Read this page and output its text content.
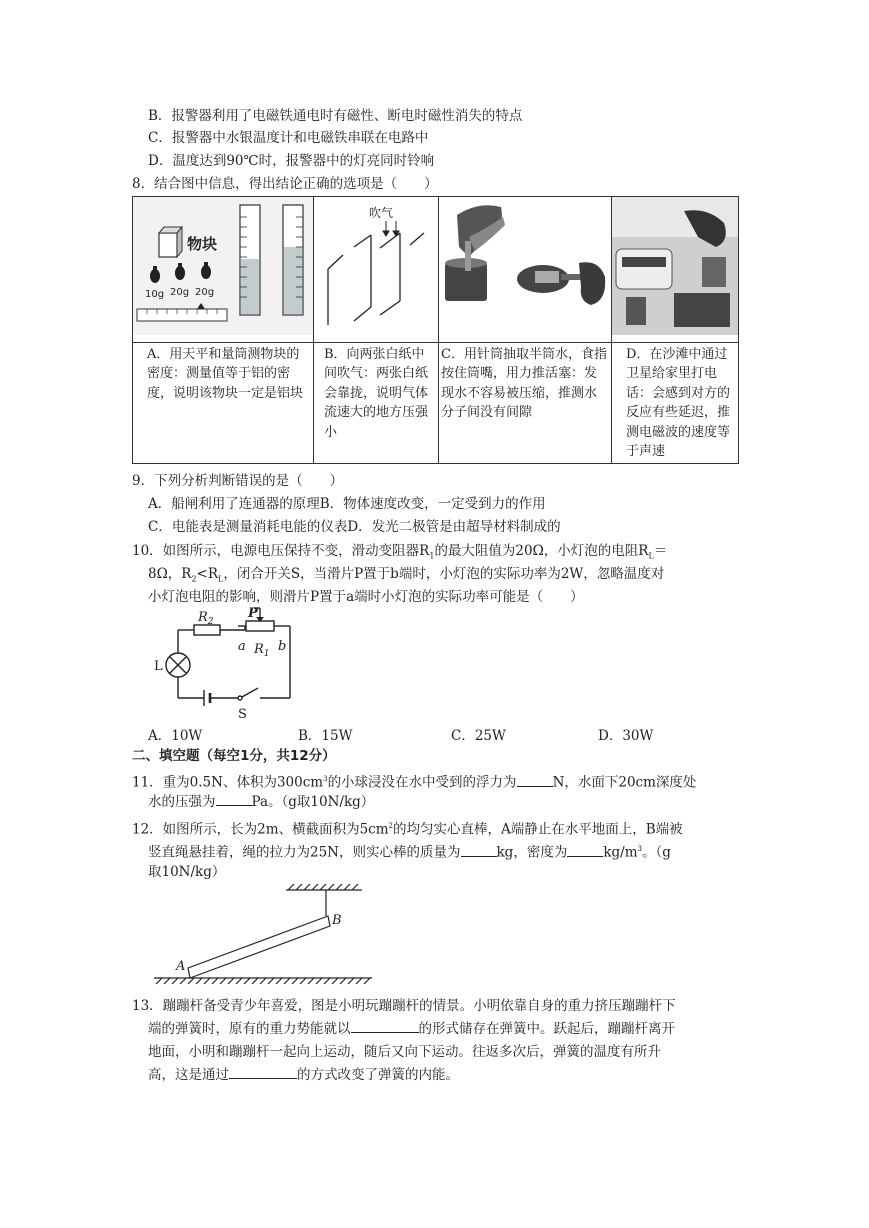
B．报警器利用了电磁铁通电时有磁性、断电时磁性消失的特点
C．报警器中水银温度计和电磁铁串联在电路中
D．温度达到90℃时，报警器中的灯亮同时铃响
8．结合图中信息，得出结论正确的选项是（　　）
物块
10g 20g 20g	吹气

A．用天平和量筒测物块的密度：测量值等于铝的密度，说明该物块一定是铝块	B．向两张白纸中间吹气：两张白纸会靠拢，说明气体流速大的地方压强小	C．用针筒抽取半筒水，食指按住筒嘴，用力推活塞：发现水不容易被压缩，推测水分子间没有间隙	D．在沙滩中通过卫星给家里打电话：会感到对方的反应有些延迟，推测电磁波的速度等于声速
9．下列分析判断错误的是（　　）
A．船闸利用了连通器的原理B．物体速度改变，一定受到力的作用
C．电能表是测量消耗电能的仪表D．发光二极管是由超导材料制成的
10．如图所示，电源电压保持不变，滑动变阻器$R_1$的最大阻值为20Ω，小灯泡的电阻$R_L=$
8Ω，$R_2<R_L$，闭合开关S，当滑片P置于b端时，小灯泡的实际功率为2W，忽略温度对
小灯泡电阻的影响，则滑片P置于a端时小灯泡的实际功率可能是（　　）
$R_2$
P
a $R_1$ b
L
S
A．10W	B．15W	C．25W	D．30W
二、填空题（每空1分，共12分）
11．重为0.5N、体积为$300cm^3$的小球浸没在水中受到的浮力为	N，水面下20cm深度处
水的压强为	Pa。（g取10N/kg）
12．如图所示，长为2m、横截面积为$5cm^2$的均匀实心直棒，A端静止在水平地面上，B端被
竖直绳悬挂着，绳的拉力为25N，则实心棒的质量为	kg，密度为	$kg/m^3$。（g
取10N/kg）
A
B
13．蹦蹦杆备受青少年喜爱，图是小明玩蹦蹦杆的情景。小明依靠自身的重力挤压蹦蹦杆下
端的弹簧时，原有的重力势能就以	的形式储存在弹簧中。跃起后，蹦蹦杆离开
地面，小明和蹦蹦杆一起向上运动，随后又向下运动。往返多次后，弹簧的温度有所升
高，这是通过	的方式改变了弹簧的内能。
